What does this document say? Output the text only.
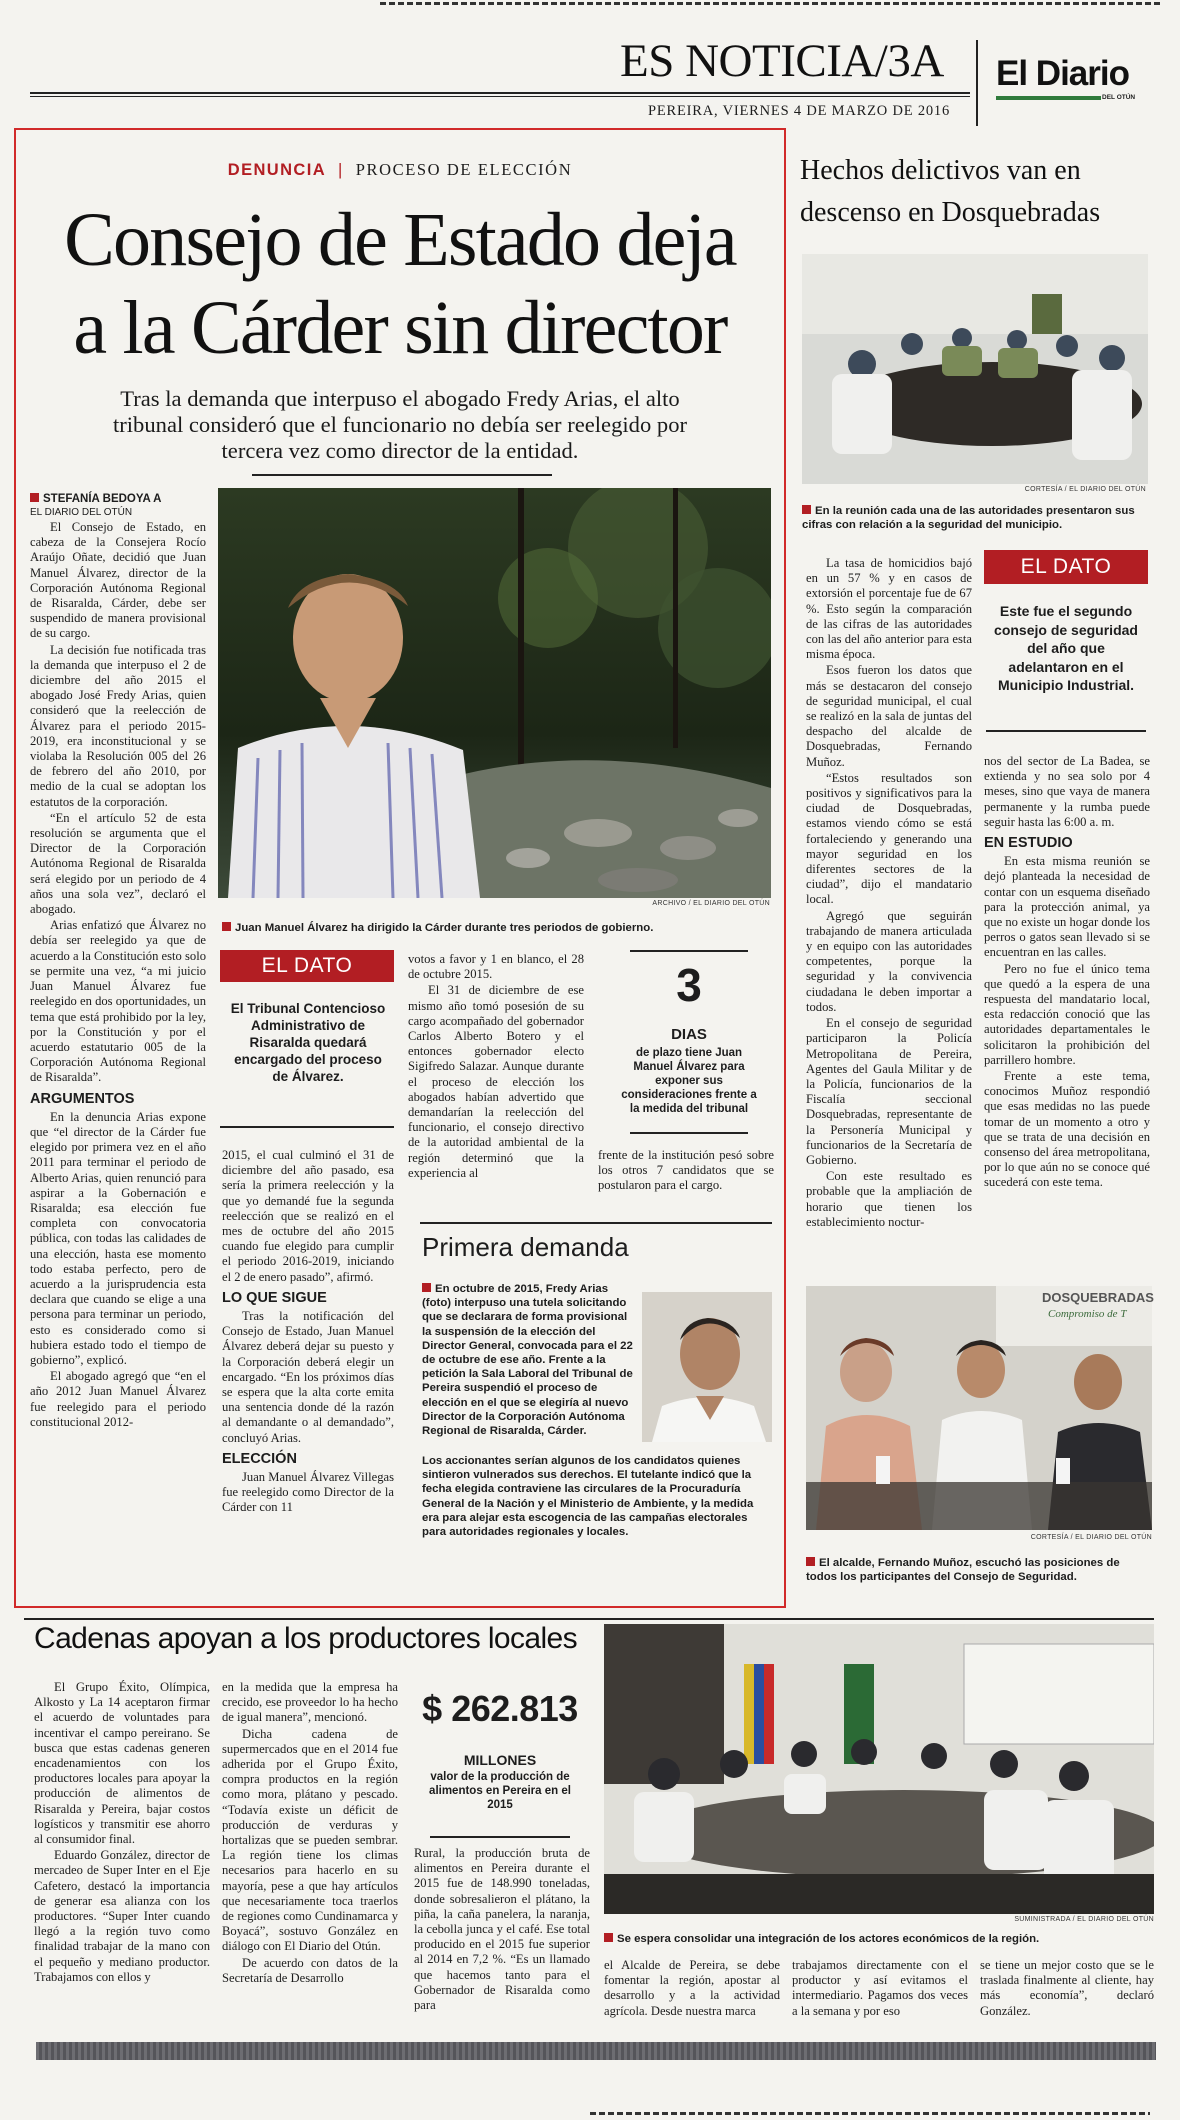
ES NOTICIA/3A El Diario
DEL OTÚN
PEREIRA, VIERNES 4 DE MARZO DE 2016
DENUNCIA | PROCESO DE ELECCIÓN
Consejo de Estado deja
a la Cárder sin director
Tras la demanda que interpuso el abogado Fredy Arias, el alto tribunal consideró que el funcionario no debía ser reelegido por tercera vez como director de la entidad.
STEFANÍA BEDOYA A
EL DIARIO DEL OTÚN

El Consejo de Estado, en cabeza de la Consejera Rocío Araújo Oñate, decidió que Juan Manuel Álvarez, director de la Corporación Autónoma Regional de Risaralda, Cárder, debe ser suspendido de manera provisional de su cargo.

La decisión fue notificada tras la demanda que interpuso el 2 de diciembre del año 2015 el abogado José Fredy Arias, quien consideró que la reelección de Álvarez para el periodo 2015-2019, era inconstitucional y se violaba la Resolución 005 del 26 de febrero del año 2010, por medio de la cual se adoptan los estatutos de la corporación.

“En el artículo 52 de esta resolución se argumenta que el Director de la Corporación Autónoma Regional de Risaralda será elegido por un periodo de 4 años una sola vez”, declaró el abogado.

Arias enfatizó que Álvarez no debía ser reelegido ya que de acuerdo a la Constitución esto solo se permite una vez, “a mi juicio Juan Manuel Álvarez fue reelegido en dos oportunidades, un tema que está prohibido por la ley, por la Constitución y por el acuerdo estatutario 005 de la Corporación Autónoma Regional de Risaralda”.

ARGUMENTOS

En la denuncia Arias expone que “el director de la Cárder fue elegido por primera vez en el año 2011 para terminar el periodo de Alberto Arias, quien renunció para aspirar a la Gobernación e Risaralda; esa elección fue completa con convocatoria pública, con todas las calidades de una elección, hasta ese momento todo estaba perfecto, pero de acuerdo a la jurisprudencia esta declara que cuando se elige a una persona para terminar un periodo, esto es considerado como si hubiera estado todo el tiempo de gobierno”, explicó.

El abogado agregó que “en el año 2012 Juan Manuel Álvarez fue reelegido para el periodo constitucional 2012-

ARCHIVO / EL DIARIO DEL OTÚN
Juan Manuel Álvarez ha dirigido la Cárder durante tres periodos de gobierno.
EL DATO
El Tribunal Contencioso Administrativo de Risaralda quedará encargado del proceso de Álvarez.

votos a favor y 1 en blanco, el 28 de octubre 2015.

El 31 de diciembre de ese mismo año tomó posesión de su cargo acompañado del gobernador Carlos Alberto Botero y el entonces gobernador electo Sigifredo Salazar. Aunque durante el proceso de elección los abogados habían advertido que demandarían la reelección del funcionario, el consejo directivo de la autoridad ambiental de la región determinó que la experiencia al

3
DIAS
de plazo tiene Juan Manuel Álvarez para exponer sus consideraciones frente a la medida del tribunal

2015, el cual culminó el 31 de diciembre del año pasado, esa sería la primera reelección y la que yo demandé fue la segunda reelección que se realizó en el mes de octubre del año 2015 cuando fue elegido para cumplir el periodo 2016-2019, iniciando el 2 de enero pasado”, afirmó.

LO QUE SIGUE

Tras la notificación del Consejo de Estado, Juan Manuel Álvarez deberá dejar su puesto y la Corporación deberá elegir un encargado. “En los próximos días se espera que la alta corte emita una sentencia donde dé la razón al demandante o al demandado”, concluyó Arias.

ELECCIÓN

Juan Manuel Álvarez Villegas fue reelegido como Director de la Cárder con 11

frente de la institución pesó sobre los otros 7 candidatos que se postularon para el cargo.
Primera demanda
En octubre de 2015, Fredy Arias (foto) interpuso una tutela solicitando que se declarara de forma provisional la suspensión de la elección del Director General, convocada para el 22 de octubre de ese año. Frente a la petición la Sala Laboral del Tribunal de Pereira suspendió el proceso de elección en el que se elegiría al nuevo Director de la Corporación Autónoma Regional de Risaralda, Cárder.
Los accionantes serían algunos de los candidatos quienes sintieron vulnerados sus derechos. El tutelante indicó que la fecha elegida contraviene las circulares de la Procuraduría General de la Nación y el Ministerio de Ambiente, y la medida era para alejar esta escogencia de las campañas electorales para autoridades regionales y locales.
Hechos delictivos van en descenso en Dosquebradas
CORTESÍA / EL DIARIO DEL OTÚN
En la reunión cada una de las autoridades presentaron sus cifras con relación a la seguridad del municipio.

La tasa de homicidios bajó en un 57 % y en casos de extorsión el porcentaje fue de 67 %. Esto según la comparación de las cifras de las autoridades con las del año anterior para esta misma época.

Esos fueron los datos que más se destacaron del consejo de seguridad municipal, el cual se realizó en la sala de juntas del despacho del alcalde de Dosquebradas, Fernando Muñoz.

“Estos resultados son positivos y significativos para la ciudad de Dosquebradas, estamos viendo cómo se está fortaleciendo y generando una mayor seguridad en los diferentes sectores de la ciudad”, dijo el mandatario local.

Agregó que seguirán trabajando de manera articulada y en equipo con las autoridades competentes, porque la seguridad y la convivencia ciudadana le deben importar a todos.

En el consejo de seguridad participaron la Policía Metropolitana de Pereira, Agentes del Gaula Militar y de la Policía, funcionarios de la Fiscalía seccional Dosquebradas, representante de la Personería Municipal y funcionarios de la Secretaría de Gobierno.

Con este resultado es probable que la ampliación de horario que tienen los establecimiento noctur-

EL DATO
Este fue el segundo consejo de seguridad del año que adelantaron en el Municipio Industrial.

nos del sector de La Badea, se extienda y no sea solo por 4 meses, sino que vaya de manera permanente y la rumba puede seguir hasta las 6:00 a. m.

EN ESTUDIO

En esta misma reunión se dejó planteada la necesidad de contar con un esquema diseñado para la protección animal, ya que no existe un hogar donde los perros o gatos sean llevado si se encuentran en las calles.

Pero no fue el único tema que quedó a la espera de una respuesta del mandatario local, esta redacción conoció que las autoridades departamentales le solicitaron la prohibición del parrillero hombre.

Frente a este tema, conocimos Muñoz respondió que esas medidas no las puede tomar de un momento a otro y que se trata de una decisión en consenso del área metropolitana, por lo que aún no se conoce qué sucederá con este tema.

DOSQUEBRADAS
Compromiso de T
CORTESÍA / EL DIARIO DEL OTÚN
El alcalde, Fernando Muñoz, escuchó las posiciones de todos los participantes del Consejo de Seguridad.
Cadenas apoyan a los productores locales

El Grupo Éxito, Olímpica, Alkosto y La 14 aceptaron firmar el acuerdo de voluntades para incentivar el campo pereirano. Se busca que estas cadenas generen encadenamientos con los productores locales para apoyar la producción de alimentos de Risaralda y Pereira, bajar costos logísticos y transmitir ese ahorro al consumidor final.

Eduardo González, director de mercadeo de Super Inter en el Eje Cafetero, destacó la importancia de generar esa alianza con los productores. “Super Inter cuando llegó a la región tuvo como finalidad trabajar de la mano con el pequeño y mediano productor. Trabajamos con ellos y

en la medida que la empresa ha crecido, ese proveedor lo ha hecho de igual manera”, mencionó.

Dicha cadena de supermercados que en el 2014 fue adherida por el Grupo Éxito, compra productos en la región como mora, plátano y pescado. “Todavía existe un déficit de producción de verduras y hortalizas que se pueden sembrar. La región tiene los climas necesarios para hacerlo en su mayoría, pese a que hay artículos que necesariamente toca traerlos de regiones como Cundinamarca y Boyacá”, sostuvo González en diálogo con El Diario del Otún.

De acuerdo con datos de la Secretaría de Desarrollo

$ 262.813
MILLONES
valor de la producción de alimentos en Pereira en el 2015
Rural, la producción bruta de alimentos en Pereira durante el 2015 fue de 148.990 toneladas, donde sobresalieron el plátano, la piña, la caña panelera, la naranja, la cebolla junca y el café. Ese total producido en el 2015 fue superior al 2014 en 7,2 %. “Es un llamado que hacemos tanto para el Gobernador de Risaralda como para
SUMINISTRADA / EL DIARIO DEL OTÚN
Se espera consolidar una integración de los actores económicos de la región.
el Alcalde de Pereira, se debe fomentar la región, apostar al desarrollo y a la actividad agrícola. Desde nuestra marca
trabajamos directamente con el productor y así evitamos el intermediario. Pagamos dos veces a la semana y por eso
se tiene un mejor costo que se le traslada finalmente al cliente, hay más economía”, declaró González.
